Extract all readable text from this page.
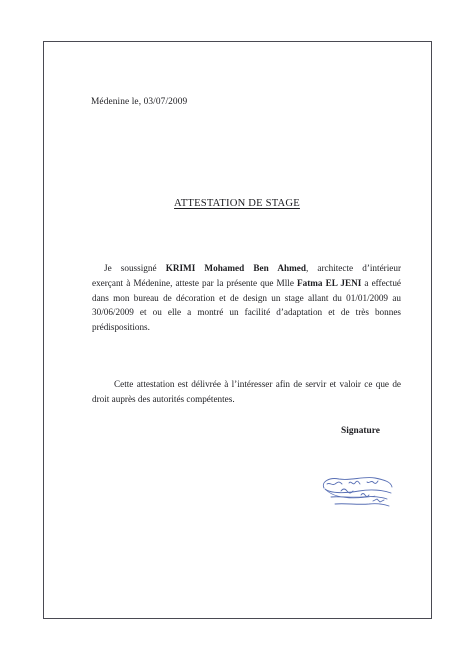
Médenine le, 03/07/2009
ATTESTATION DE STAGE
Je soussigné KRIMI Mohamed Ben Ahmed, architecte d’intérieur
exerçant à Médenine, atteste par la présente que Mlle Fatma EL JENI a effectué
dans mon bureau de décoration et de design un stage allant du 01/01/2009 au
30/06/2009 et ou elle a montré un facilité d’adaptation et de très bonnes
prédispositions.
Cette attestation est délivrée à l’intéresser afin de servir et valoir ce que de
droit auprès des autorités compétentes.
Signature
